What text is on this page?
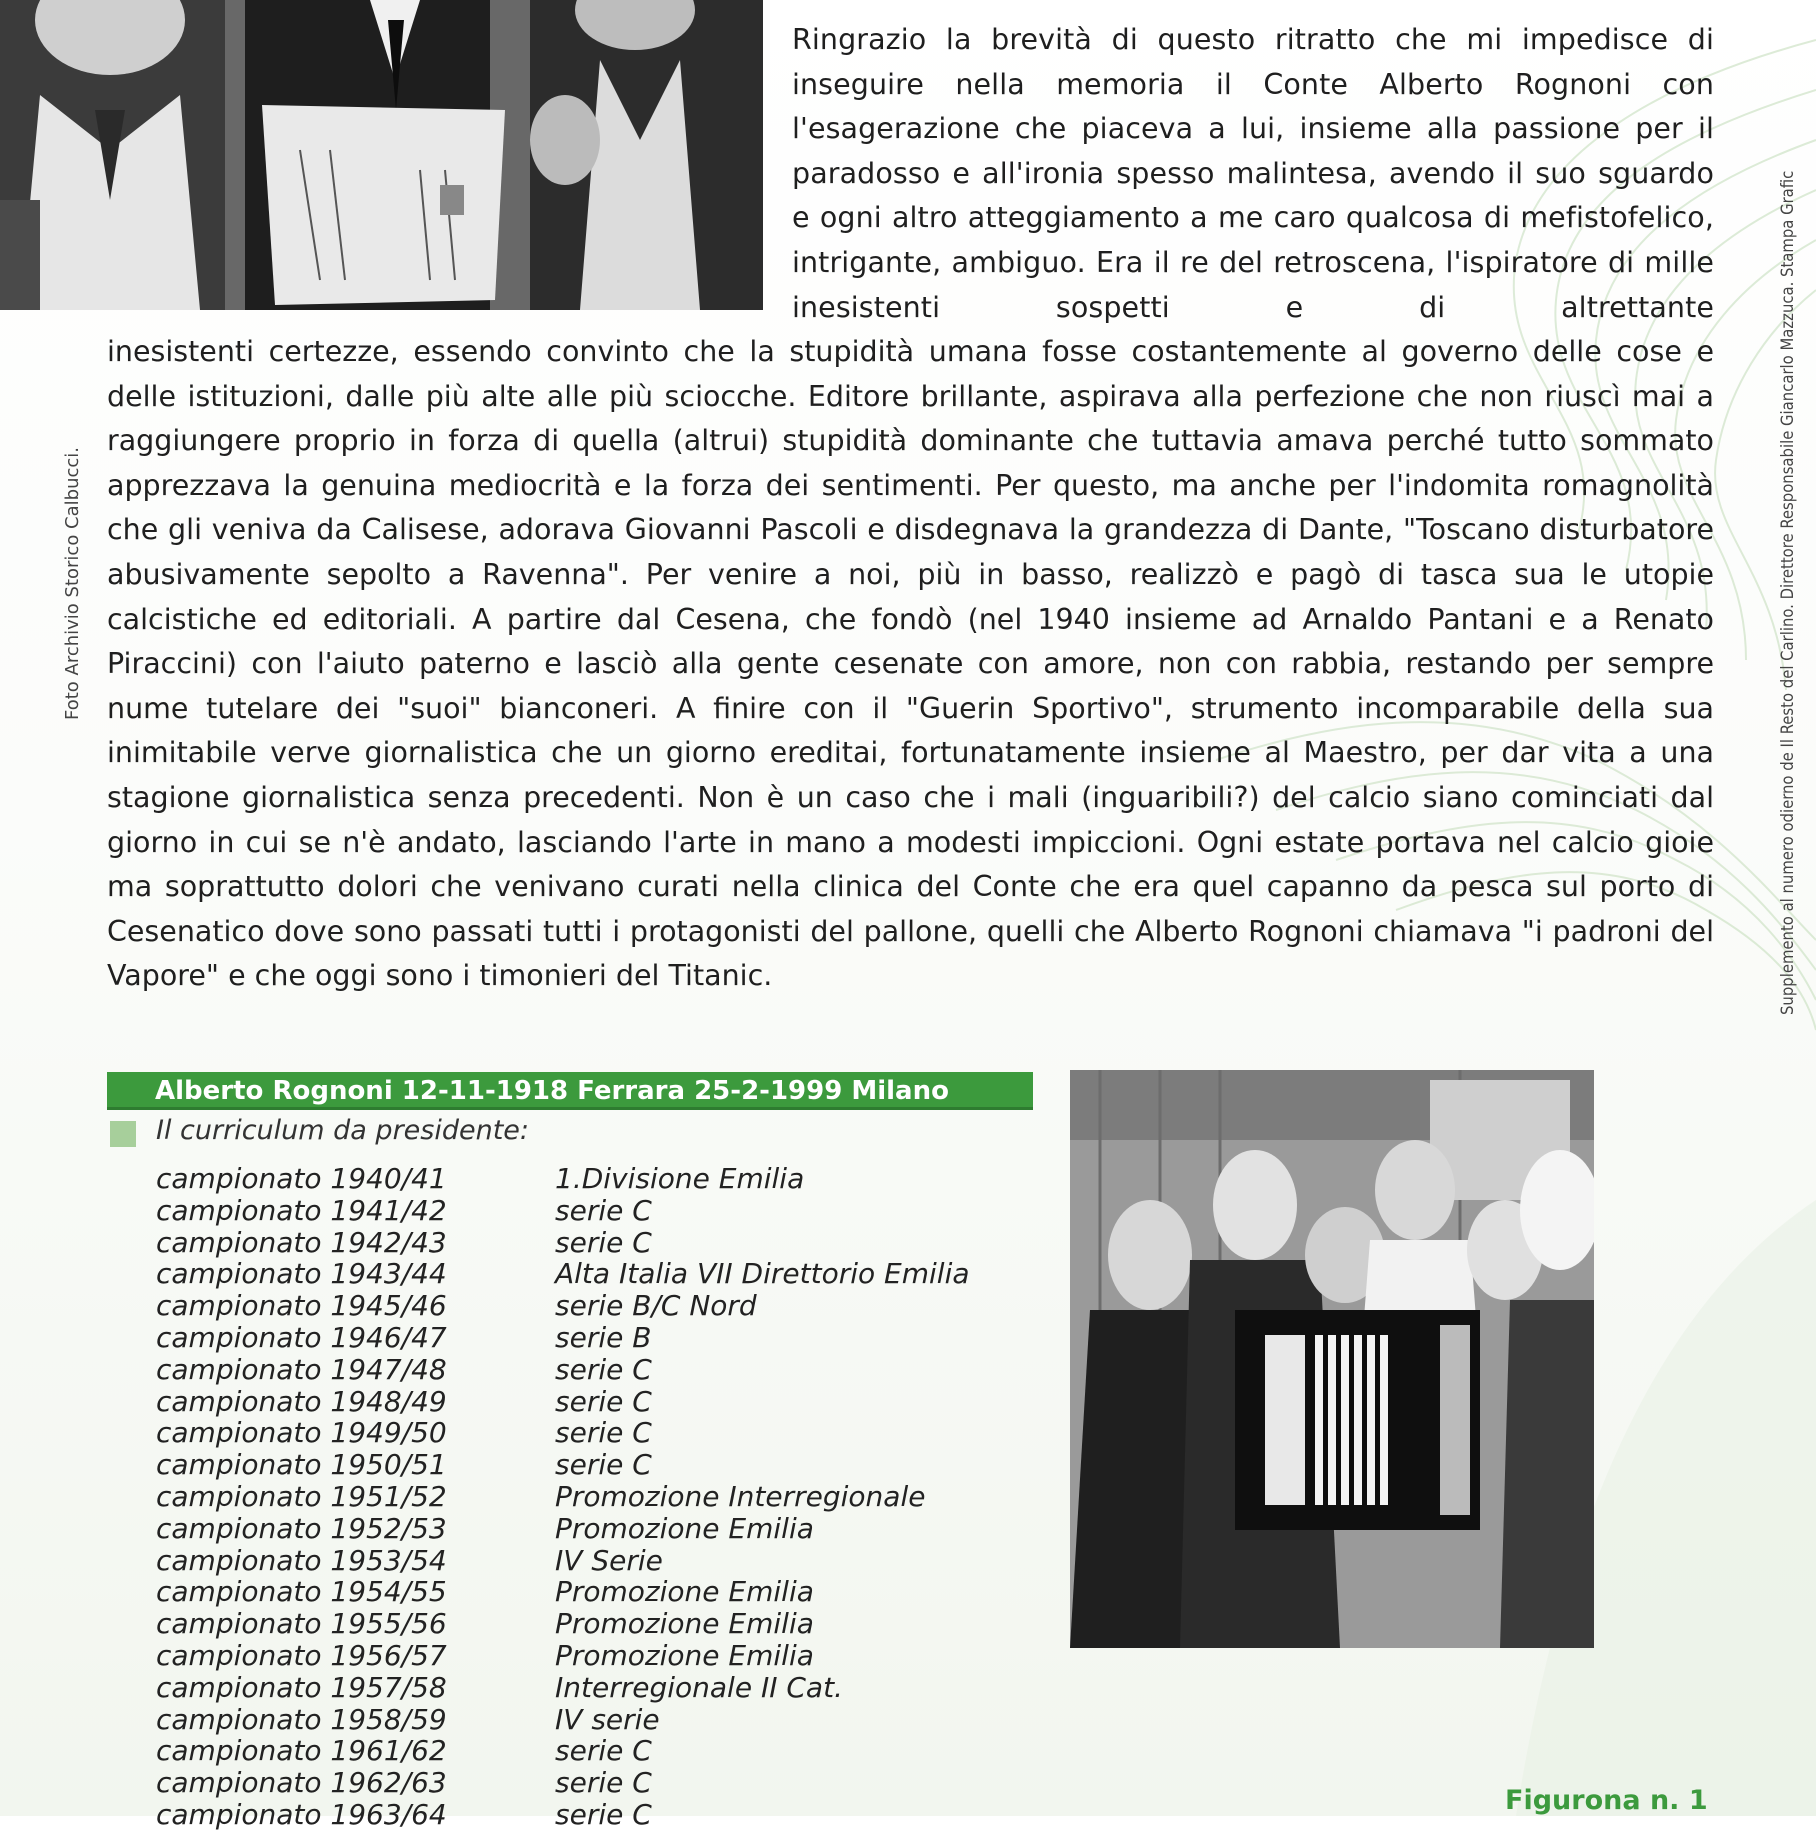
Foto Archivio Storico Calbucci.	Supplemento al numero odierno de Il Resto del Carlino. Direttore Responsabile Giancarlo Mazzuca. Stampa Grafic

Ringrazio la brevità di questo ritratto che mi impedisce di inseguire nella memoria il Conte Alberto Rognoni con l'esagerazione che piaceva a lui, insieme alla passione per il paradosso e all'ironia spesso malintesa, avendo il suo sguardo e ogni altro atteggiamento a me caro qualcosa di mefistofelico, intrigante, ambiguo. Era il re del retroscena, l'ispiratore di mille inesistenti sospetti e di altrettante

inesistenti certezze, essendo convinto che la stupidità umana fosse costantemente al governo delle cose e delle istituzioni, dalle più alte alle più sciocche. Editore brillante, aspirava alla perfezione che non riuscì mai a raggiungere proprio in forza di quella (altrui) stupidità dominante che tuttavia amava perché tutto sommato apprezzava la genuina mediocrità e la forza dei sentimenti. Per questo, ma anche per l'indomita romagnolità che gli veniva da Calisese, adorava Giovanni Pascoli e disdegnava la grandezza di Dante, "Toscano disturbatore abusivamente sepolto a Ravenna". Per venire a noi, più in basso, realizzò e pagò di tasca sua le utopie calcistiche ed editoriali. A partire dal Cesena, che fondò (nel 1940 insieme ad Arnaldo Pantani e a Renato Piraccini) con l'aiuto paterno e lasciò alla gente cesenate con amore, non con rabbia, restando per sempre nume tutelare dei "suoi" bianconeri. A finire con il "Guerin Sportivo", strumento incomparabile della sua inimitabile verve giornalistica che un giorno ereditai, fortunatamente insieme al Maestro, per dar vita a una stagione giornalistica senza precedenti. Non è un caso che i mali (inguaribili?) del calcio siano cominciati dal giorno in cui se n'è andato, lasciando l'arte in mano a modesti impiccioni. Ogni estate portava nel calcio gioie ma soprattutto dolori che venivano curati nella clinica del Conte che era quel capanno da pesca sul porto di Cesenatico dove sono passati tutti i protagonisti del pallone, quelli che Alberto Rognoni chiamava "i padroni del Vapore" e che oggi sono i timonieri del Titanic.

Alberto Rognoni 12-11-1918 Ferrara 25-2-1999 Milano
Il curriculum da presidente:
campionato 1940/41	1.Divisione Emilia
campionato 1941/42	serie C
campionato 1942/43	serie C
campionato 1943/44	Alta Italia VII Direttorio Emilia
campionato 1945/46	serie B/C Nord
campionato 1946/47	serie B
campionato 1947/48	serie C
campionato 1948/49	serie C
campionato 1949/50	serie C
campionato 1950/51	serie C
campionato 1951/52	Promozione Interregionale
campionato 1952/53	Promozione Emilia
campionato 1953/54	IV Serie
campionato 1954/55	Promozione Emilia
campionato 1955/56	Promozione Emilia
campionato 1956/57	Promozione Emilia
campionato 1957/58	Interregionale II Cat.
campionato 1958/59	IV serie
campionato 1961/62	serie C
campionato 1962/63	serie C
campionato 1963/64	serie C	Figurona n. 1
